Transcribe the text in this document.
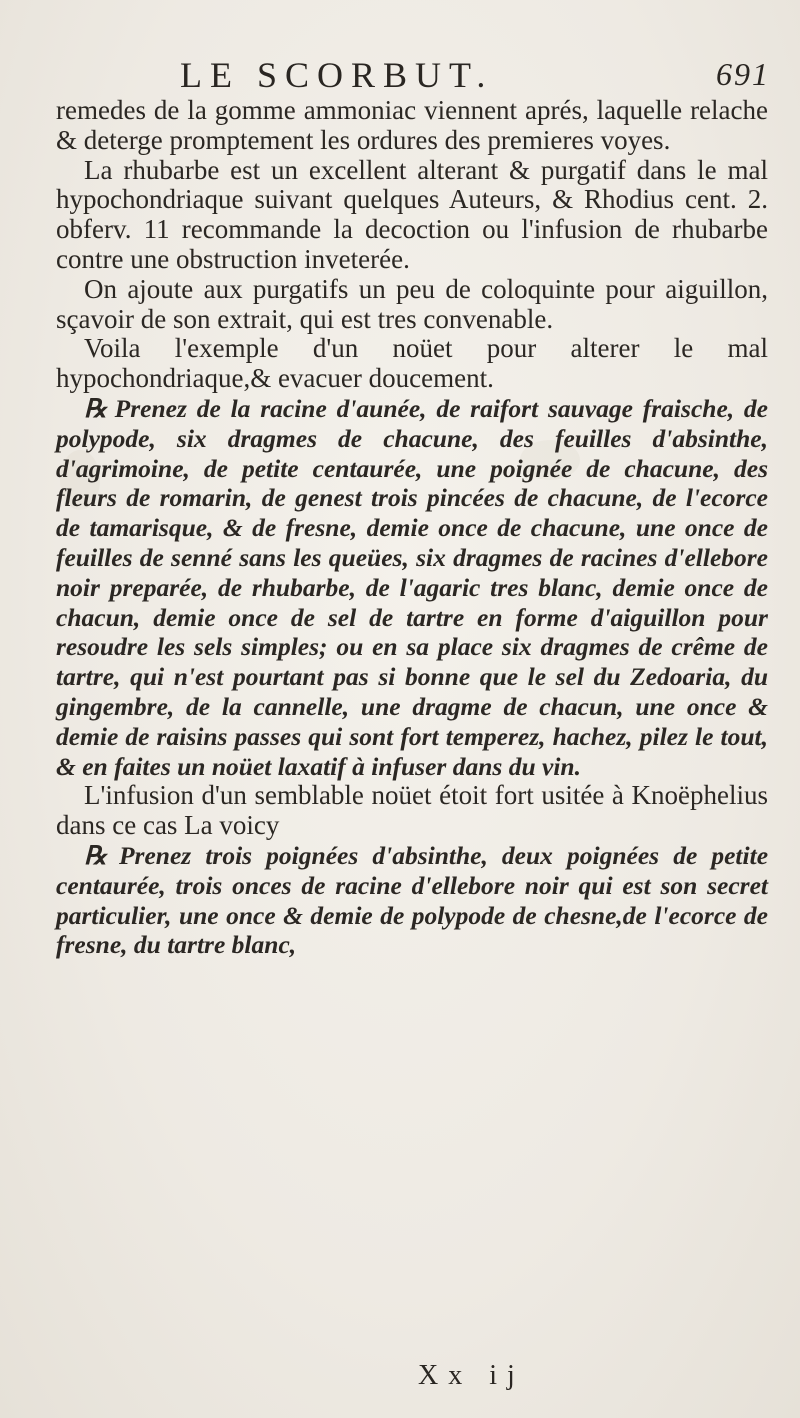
LE SCORBUT.	691

remedes de la gomme ammoniac viennent aprés, laquelle relache & deterge promptement les ordures des premieres voyes.

La rhubarbe est un excellent alterant & purgatif dans le mal hypochondriaque suivant quelques Auteurs, & Rhodius cent. 2. obferv. 11 recommande la decoction ou l'infusion de rhubarbe contre une obstruction inveterée.

On ajoute aux purgatifs un peu de coloquinte pour aiguillon, sçavoir de son extrait, qui est tres convenable.

Voila l'exemple d'un noüet pour alterer le mal hypochondriaque,& evacuer doucement.

℞ Prenez de la racine d'aunée, de raifort sauvage fraische, de polypode, six dragmes de chacune, des feuilles d'absinthe, d'agrimoine, de petite centaurée, une poignée de chacune, des fleurs de romarin, de genest trois pincées de chacune, de l'ecorce de tamarisque, & de fresne, demie once de chacune, une once de feuilles de senné sans les queües, six dragmes de racines d'ellebore noir preparée, de rhubarbe, de l'agaric tres blanc, demie once de chacun, demie once de sel de tartre en forme d'aiguillon pour resoudre les sels simples; ou en sa place six dragmes de crême de tartre, qui n'est pourtant pas si bonne que le sel du Zedoaria, du gingembre, de la cannelle, une dragme de chacun, une once & demie de raisins passes qui sont fort temperez, hachez, pilez le tout, & en faites un noüet laxatif à infuser dans du vin.

L'infusion d'un semblable noüet étoit fort usitée à Knoëphelius dans ce cas La voicy

℞ Prenez trois poignées d'absinthe, deux poignées de petite centaurée, trois onces de racine d'ellebore noir qui est son secret particulier, une once & demie de polypode de chesne,de l'ecorce de fresne, du tartre blanc,

Xx ij
